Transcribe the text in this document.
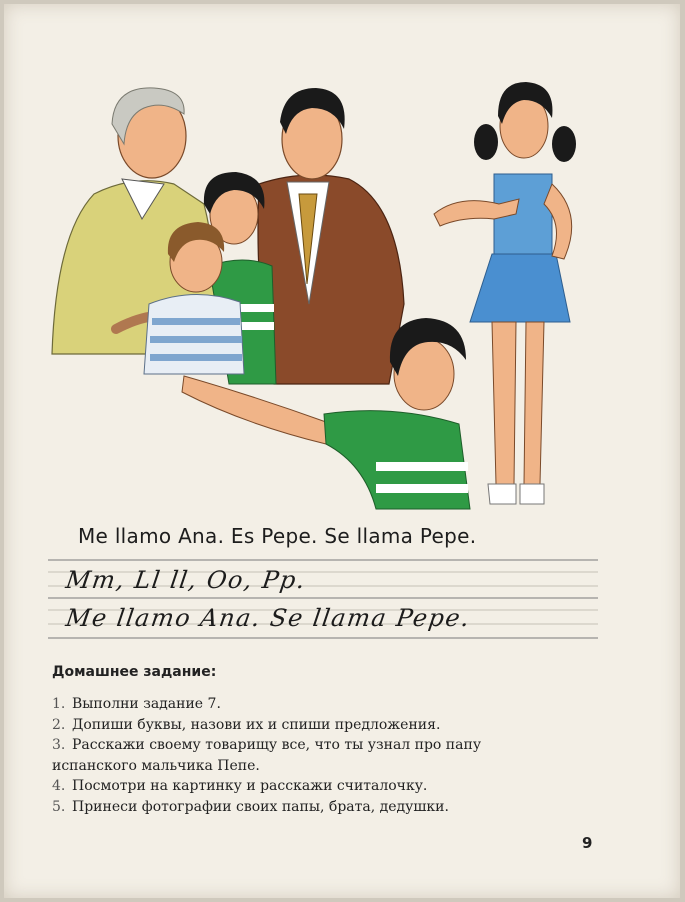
Me llamo Ana. Es Pepe. Se llama Pepe.
Mm, Ll ll, Oo, Pp.
Me llamo Ana. Se llama Pepe.
Домашнее задание:
1. Выполни задание 7.
2. Допиши буквы, назови их и спиши предложения.
3. Расскажи своему товарищу все, что ты узнал про папу
испанского мальчика Пепе.
4. Посмотри на картинку и расскажи считалочку.
5. Принеси фотографии своих папы, брата, дедушки.
9
